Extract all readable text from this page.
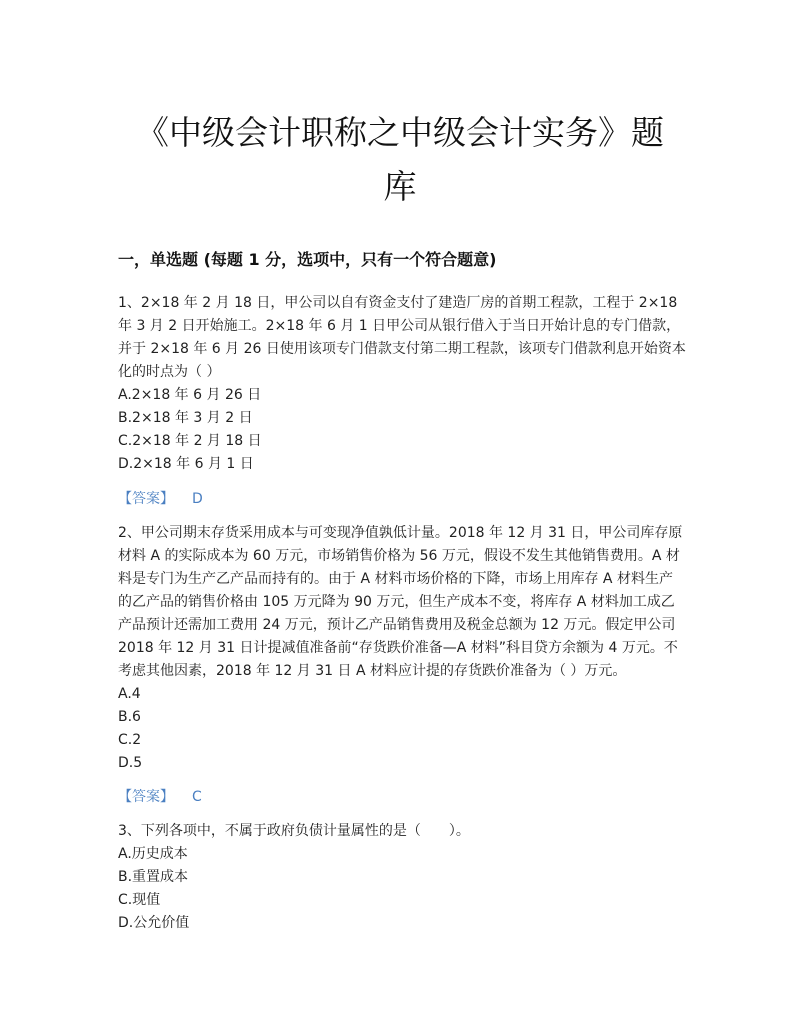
《中级会计职称之中级会计实务》题
库
一，单选题 (每题 1 分，选项中，只有一个符合题意)
1、2×18 年 2 月 18 日，甲公司以自有资金支付了建造厂房的首期工程款，工程于 2×18
年 3 月 2 日开始施工。2×18 年 6 月 1 日甲公司从银行借入于当日开始计息的专门借款，
并于 2×18 年 6 月 26 日使用该项专门借款支付第二期工程款，该项专门借款利息开始资本
化的时点为（ ）
A.2×18 年 6 月 26 日
B.2×18 年 3 月 2 日
C.2×18 年 2 月 18 日
D.2×18 年 6 月 1 日
【答案】 D
2、甲公司期末存货采用成本与可变现净值孰低计量。2018 年 12 月 31 日，甲公司库存原
材料 A 的实际成本为 60 万元，市场销售价格为 56 万元，假设不发生其他销售费用。A 材
料是专门为生产乙产品而持有的。由于 A 材料市场价格的下降，市场上用库存 A 材料生产
的乙产品的销售价格由 105 万元降为 90 万元，但生产成本不变，将库存 A 材料加工成乙
产品预计还需加工费用 24 万元，预计乙产品销售费用及税金总额为 12 万元。假定甲公司
2018 年 12 月 31 日计提减值准备前“存货跌价准备—A 材料”科目贷方余额为 4 万元。不
考虑其他因素，2018 年 12 月 31 日 A 材料应计提的存货跌价准备为（ ）万元。
A.4
B.6
C.2
D.5
【答案】 C
3、下列各项中，不属于政府负债计量属性的是（　　）。
A.历史成本
B.重置成本
C.现值
D.公允价值
